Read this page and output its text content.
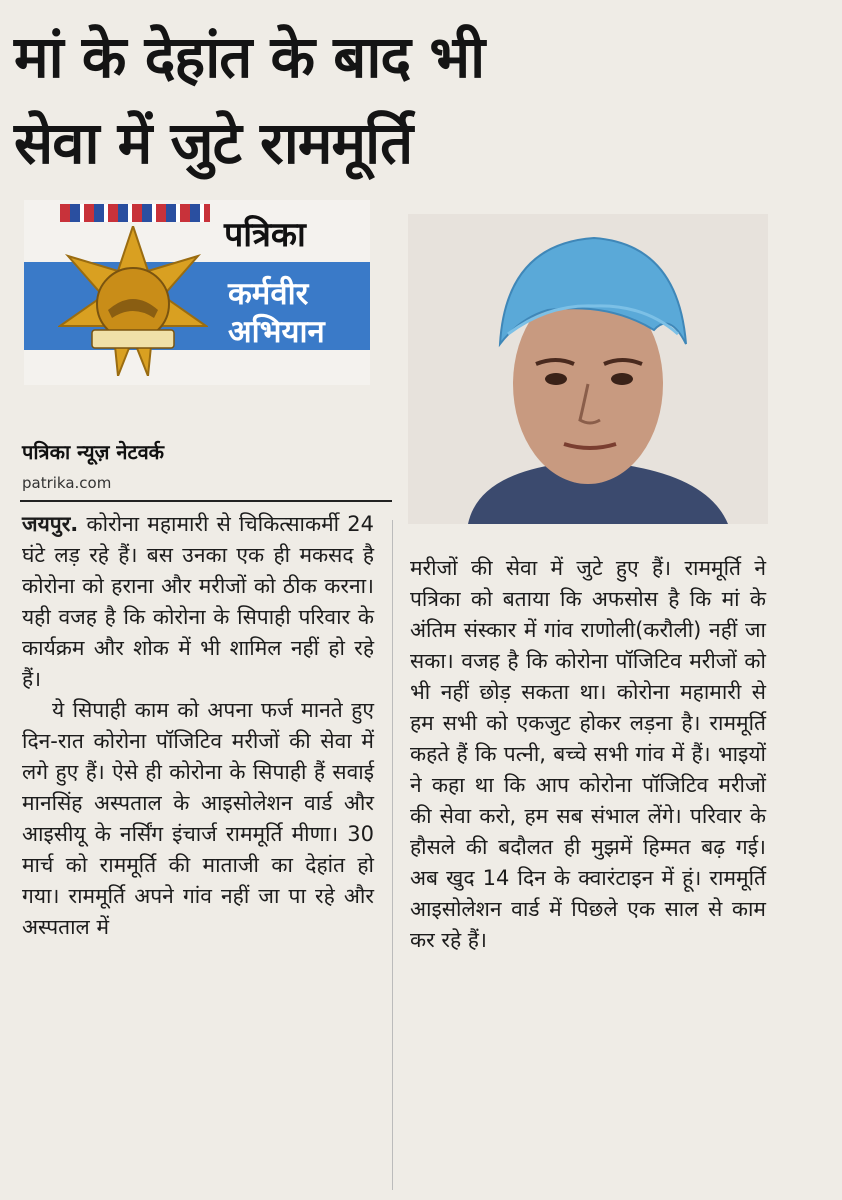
मां के देहांत के बाद भी
सेवा में जुटे राममूर्ति
पत्रिका
कर्मवीर
अभियान
पत्रिका न्यूज़ नेटवर्क
patrika.com

जयपुर. कोरोना महामारी से चिकित्साकर्मी 24 घंटे लड़ रहे हैं। बस उनका एक ही मकसद है कोरोना को हराना और मरीजों को ठीक करना। यही वजह है कि कोरोना के सिपाही परिवार के कार्यक्रम और शोक में भी शामिल नहीं हो रहे हैं।

ये सिपाही काम को अपना फर्ज मानते हुए दिन-रात कोरोना पॉजिटिव मरीजों की सेवा में लगे हुए हैं। ऐसे ही कोरोना के सिपाही हैं सवाई मानसिंह अस्पताल के आइसोलेशन वार्ड और आइसीयू के नर्सिंग इंचार्ज राममूर्ति मीणा। 30 मार्च को राममूर्ति की माताजी का देहांत हो गया। राममूर्ति अपने गांव नहीं जा पा रहे और अस्पताल में

मरीजों की सेवा में जुटे हुए हैं। राममूर्ति ने पत्रिका को बताया कि अफसोस है कि मां के अंतिम संस्कार में गांव राणोली(करौली) नहीं जा सका। वजह है कि कोरोना पॉजिटिव मरीजों को भी नहीं छोड़ सकता था। कोरोना महामारी से हम सभी को एकजुट होकर लड़ना है। राममूर्ति कहते हैं कि पत्नी, बच्चे सभी गांव में हैं। भाइयों ने कहा था कि आप कोरोना पॉजिटिव मरीजों की सेवा करो, हम सब संभाल लेंगे। परिवार के हौसले की बदौलत ही मुझमें हिम्मत बढ़ गई। अब खुद 14 दिन के क्वारंटाइन में हूं। राममूर्ति आइसोलेशन वार्ड में पिछले एक साल से काम कर रहे हैं।
